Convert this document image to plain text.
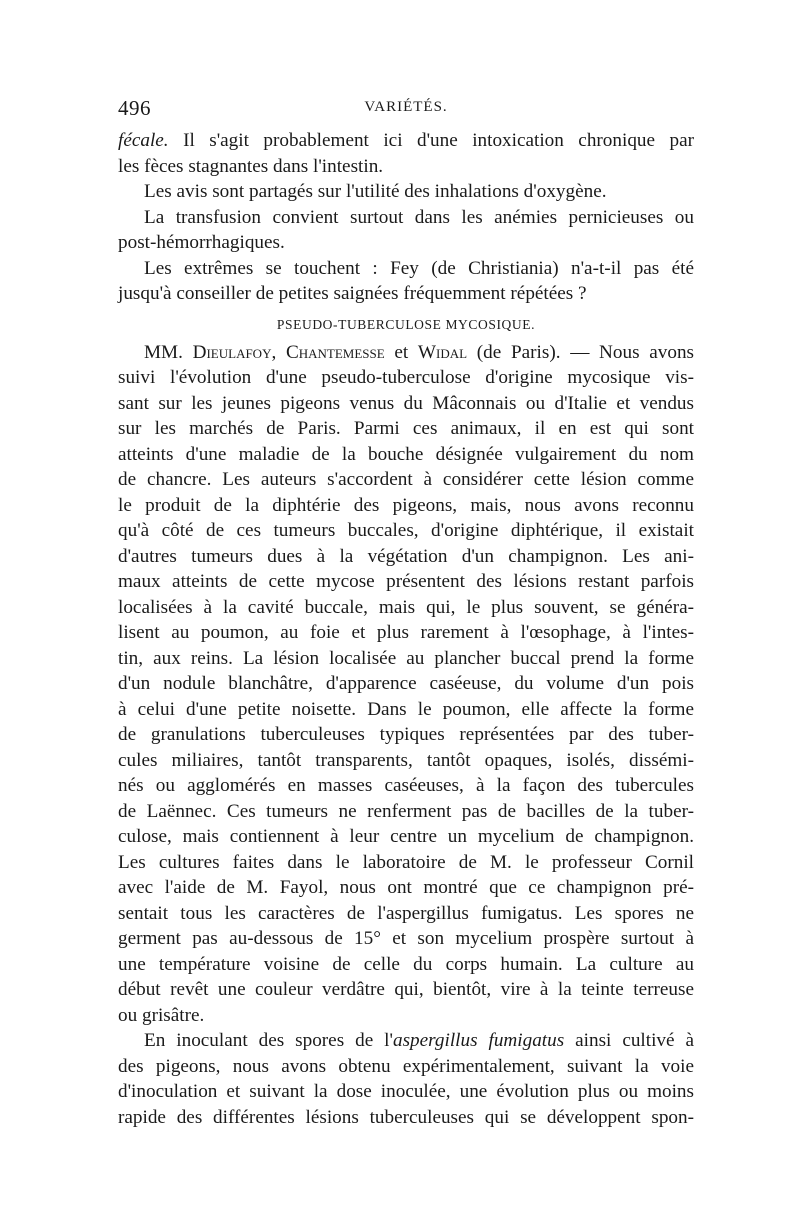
496	VARIÉTÉS.
fécale. Il s'agit probablement ici d'une intoxication chronique par
les fèces stagnantes dans l'intestin.
Les avis sont partagés sur l'utilité des inhalations d'oxygène.
La transfusion convient surtout dans les anémies pernicieuses ou
post-hémorrhagiques.
Les extrêmes se touchent : Fey (de Christiania) n'a-t-il pas été
jusqu'à conseiller de petites saignées fréquemment répétées ?
PSEUDO-TUBERCULOSE MYCOSIQUE.
MM. Dieulafoy, Chantemesse et Widal (de Paris). — Nous avons
suivi l'évolution d'une pseudo-tuberculose d'origine mycosique vis-
sant sur les jeunes pigeons venus du Mâconnais ou d'Italie et vendus
sur les marchés de Paris. Parmi ces animaux, il en est qui sont
atteints d'une maladie de la bouche désignée vulgairement du nom
de chancre. Les auteurs s'accordent à considérer cette lésion comme
le produit de la diphtérie des pigeons, mais, nous avons reconnu
qu'à côté de ces tumeurs buccales, d'origine diphtérique, il existait
d'autres tumeurs dues à la végétation d'un champignon. Les ani-
maux atteints de cette mycose présentent des lésions restant parfois
localisées à la cavité buccale, mais qui, le plus souvent, se généra-
lisent au poumon, au foie et plus rarement à l'œsophage, à l'intes-
tin, aux reins. La lésion localisée au plancher buccal prend la forme
d'un nodule blanchâtre, d'apparence caséeuse, du volume d'un pois
à celui d'une petite noisette. Dans le poumon, elle affecte la forme
de granulations tuberculeuses typiques représentées par des tuber-
cules miliaires, tantôt transparents, tantôt opaques, isolés, dissémi-
nés ou agglomérés en masses caséeuses, à la façon des tubercules
de Laënnec. Ces tumeurs ne renferment pas de bacilles de la tuber-
culose, mais contiennent à leur centre un mycelium de champignon.
Les cultures faites dans le laboratoire de M. le professeur Cornil
avec l'aide de M. Fayol, nous ont montré que ce champignon pré-
sentait tous les caractères de l'aspergillus fumigatus. Les spores ne
germent pas au-dessous de 15° et son mycelium prospère surtout à
une température voisine de celle du corps humain. La culture au
début revêt une couleur verdâtre qui, bientôt, vire à la teinte terreuse
ou grisâtre.
En inoculant des spores de l'aspergillus fumigatus ainsi cultivé à
des pigeons, nous avons obtenu expérimentalement, suivant la voie
d'inoculation et suivant la dose inoculée, une évolution plus ou moins
rapide des différentes lésions tuberculeuses qui se développent spon-
